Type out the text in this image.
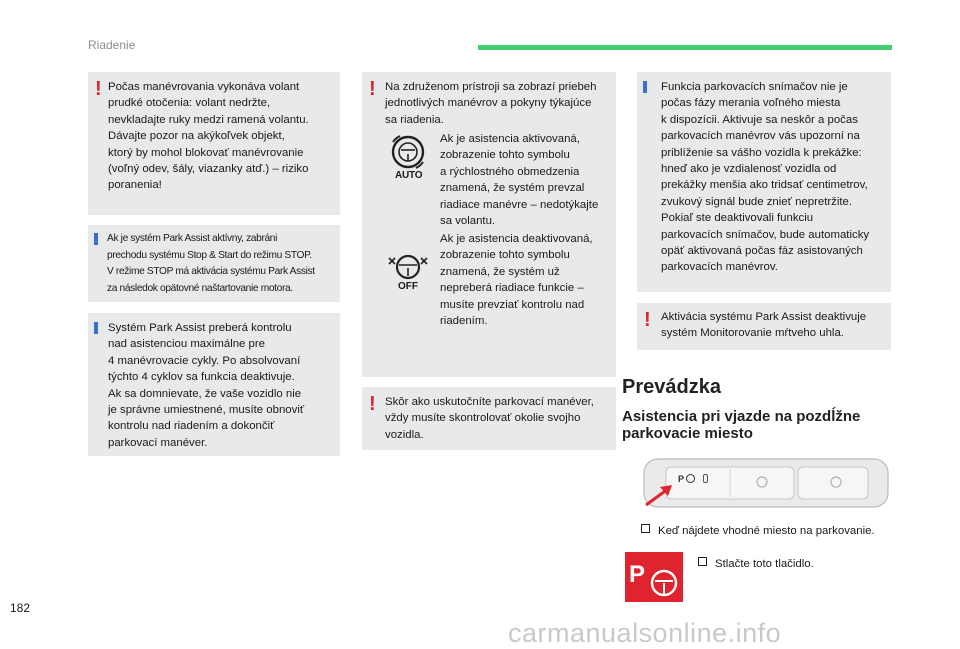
Riadenie
! Počas manévrovania vykonáva volant
prudké otočenia: volant nedržte,
nevkladajte ruky medzi ramená volantu.
Dávajte pozor na akýkoľvek objekt,
ktorý by mohol blokovať manévrovanie
(voľný odev, šály, viazanky atď.) – riziko
poranenia!

Ak je systém Park Assist aktívny, zabráni
prechodu systému Stop & Start do režimu STOP.
V režime STOP má aktivácia systému Park Assist
za následok opätovné naštartovanie motora.

Systém Park Assist preberá kontrolu
nad asistenciou maximálne pre
4 manévrovacie cykly. Po absolvovaní
týchto 4 cyklov sa funkcia deaktivuje.
Ak sa domnievate, že vaše vozidlo nie
je správne umiestnené, musíte obnoviť
kontrolu nad riadením a dokončiť
parkovací manéver.

! Na združenom prístroji sa zobrazí priebeh
jednotlivých manévrov a pokyny týkajúce
sa riadenia.

AUTO

Ak je asistencia aktivovaná,
zobrazenie tohto symbolu
a rýchlostného obmedzenia
znamená, že systém prevzal
riadiace manévre – nedotýkajte
sa volantu.

OFF

Ak je asistencia deaktivovaná,
zobrazenie tohto symbolu
znamená, že systém už
nepreberá riadiace funkcie –
musíte prevziať kontrolu nad
riadením.

! Skôr ako uskutočníte parkovací manéver,
vždy musíte skontrolovať okolie svojho
vozidla.

Funkcia parkovacích snímačov nie je
počas fázy merania voľného miesta
k dispozícii. Aktivuje sa neskôr a počas
parkovacích manévrov vás upozorní na
priblíženie sa vášho vozidla k prekážke:
hneď ako je vzdialenosť vozidla od
prekážky menšia ako tridsať centimetrov,
zvukový signál bude znieť nepretržite.
Pokiaľ ste deaktivovali funkciu
parkovacích snímačov, bude automaticky
opäť aktivovaná počas fáz asistovaných
parkovacích manévrov.

! Aktivácia systému Park Assist deaktivuje
systém Monitorovanie mŕtveho uhla.

Prevádzka
Asistencia pri vjazde na pozdĺžne
parkovacie miesto
P
Keď nájdete vhodné miesto na parkovanie.
P	Stlačte toto tlačidlo.
182
carmanualsonline.info
